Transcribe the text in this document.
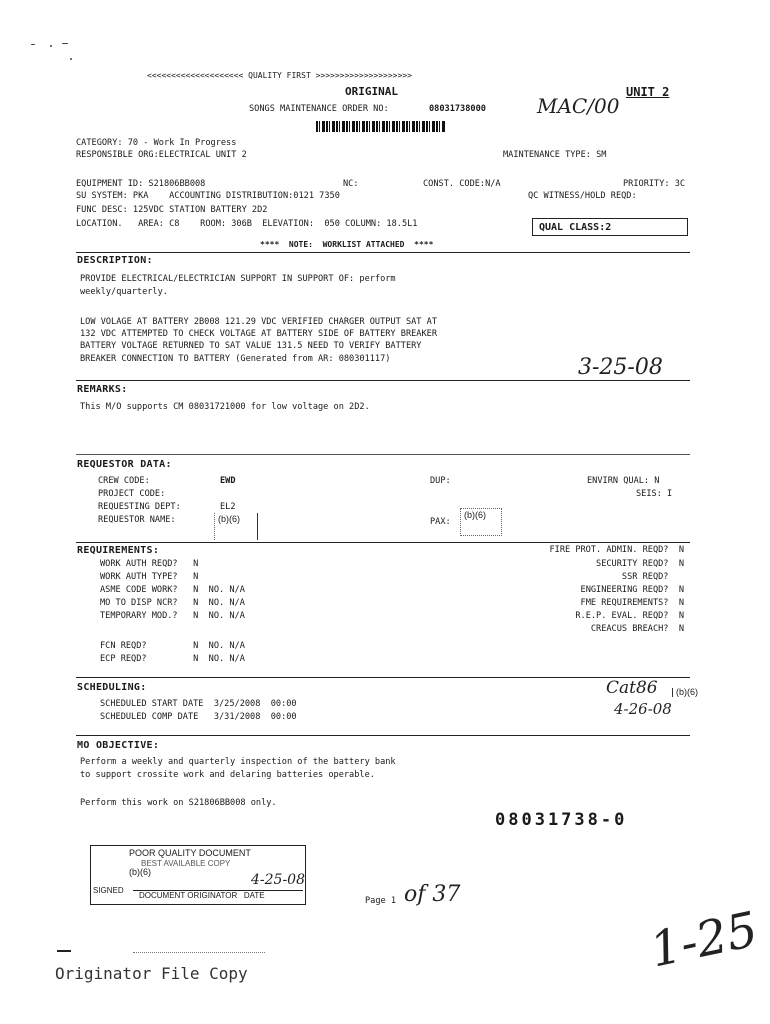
<<<<<<<<<<<<<<<<<<<< QUALITY FIRST >>>>>>>>>>>>>>>>>>>>
ORIGINAL	UNIT 2
SONGS MAINTENANCE ORDER NO:	08031738000	MAC/00
CATEGORY: 70 - Work In Progress
RESPONSIBLE ORG:ELECTRICAL UNIT 2	MAINTENANCE TYPE: SM
EQUIPMENT ID: S21806BB008	NC:	CONST. CODE:N/A	PRIORITY: 3C
SU SYSTEM: PKA    ACCOUNTING DISTRIBUTION:0121 7350	QC WITNESS/HOLD REQD:
FUNC DESC: 125VDC STATION BATTERY 2D2
LOCATION.   AREA: C8    ROOM: 306B  ELEVATION:  050 COLUMN: 18.5L1	QUAL CLASS:2
****  NOTE:  WORKLIST ATTACHED  ****
DESCRIPTION:
PROVIDE ELECTRICAL/ELECTRICIAN SUPPORT IN SUPPORT OF: perform
weekly/quarterly.
LOW VOLAGE AT BATTERY 2B008 121.29 VDC VERIFIED CHARGER OUTPUT SAT AT
132 VDC ATTEMPTED TO CHECK VOLTAGE AT BATTERY SIDE OF BATTERY BREAKER
BATTERY VOLTAGE RETURNED TO SAT VALUE 131.5 NEED TO VERIFY BATTERY
BREAKER CONNECTION TO BATTERY (Generated from AR: 080301117)	3-25-08
REMARKS:
This M/O supports CM 08031721000 for low voltage on 2D2.
REQUESTOR DATA:
CREW CODE:	EWD	DUP:	ENVIRN QUAL: N
PROJECT CODE:	SEIS: I
REQUESTING DEPT:	EL2
REQUESTOR NAME:	(b)(6)	PAX:
(b)(6)
REQUIREMENTS:
WORK AUTH REQD?   N
WORK AUTH TYPE?   N
ASME CODE WORK?   N  NO. N/A
MO TO DISP NCR?   N  NO. N/A
TEMPORARY MOD.?   N  NO. N/A
FCN REQD?         N  NO. N/A
ECP REQD?         N  NO. N/A
FIRE PROT. ADMIN. REQD?  N
SECURITY REQD?  N
SSR REQD?
ENGINEERING REQD?  N
FME REQUIREMENTS?  N
R.E.P. EVAL. REQD?  N
CREACUS BREACH?  N
SCHEDULING:
SCHEDULED START DATE  3/25/2008  00:00
SCHEDULED COMP DATE   3/31/2008  00:00
Cat86
4-26-08
(b)(6)
MO OBJECTIVE:
Perform a weekly and quarterly inspection of the battery bank
to support crossite work and delaring batteries operable.
Perform this work on S21806BB008 only.
08031738-0
POOR QUALITY DOCUMENT
BEST AVAILABLE COPY
(b)(6)
SIGNED
4-25-08
DOCUMENT ORIGINATOR   DATE
Page 1 of 37
1-25
Originator File Copy
